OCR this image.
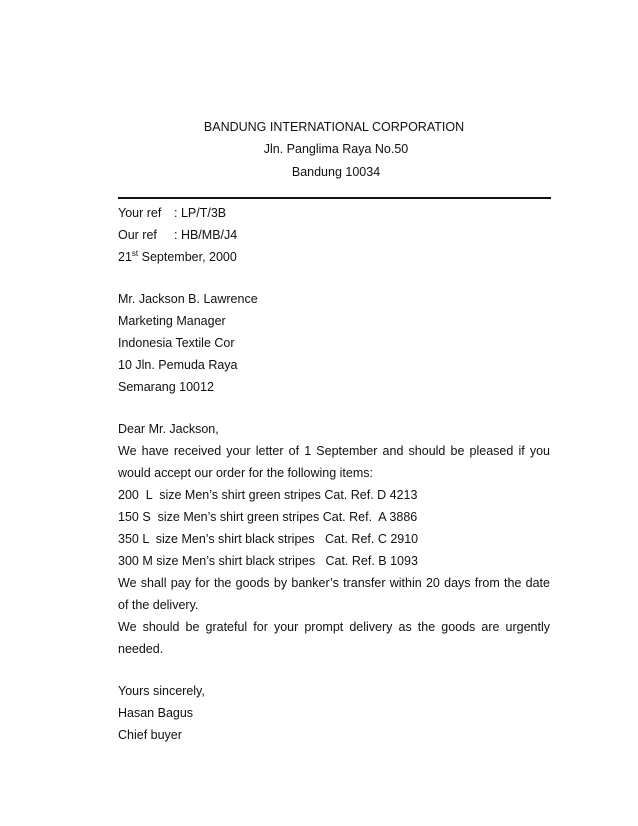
BANDUNG INTERNATIONAL CORPORATION
Jln. Panglima Raya No.50
Bandung 10034
Your ref	: LP/T/3B
Our ref	: HB/MB/J4
21st September, 2000
Mr. Jackson B. Lawrence
Marketing Manager
Indonesia Textile Cor
10 Jln. Pemuda Raya
Semarang 10012
Dear Mr. Jackson,
We have received your letter of 1 September and should be pleased if you
would accept our order for the following items:
200  L  size Men’s shirt green stripes Cat. Ref. D 4213
150 S  size Men’s shirt green stripes Cat. Ref.  A 3886
350 L  size Men’s shirt black stripes   Cat. Ref. C 2910
300 M size Men’s shirt black stripes   Cat. Ref. B 1093
We shall pay for the goods by banker’s transfer within 20 days from the date
of the delivery.
We should be grateful for your prompt delivery as the goods are urgently
needed.
Yours sincerely,
Hasan Bagus
Chief buyer
